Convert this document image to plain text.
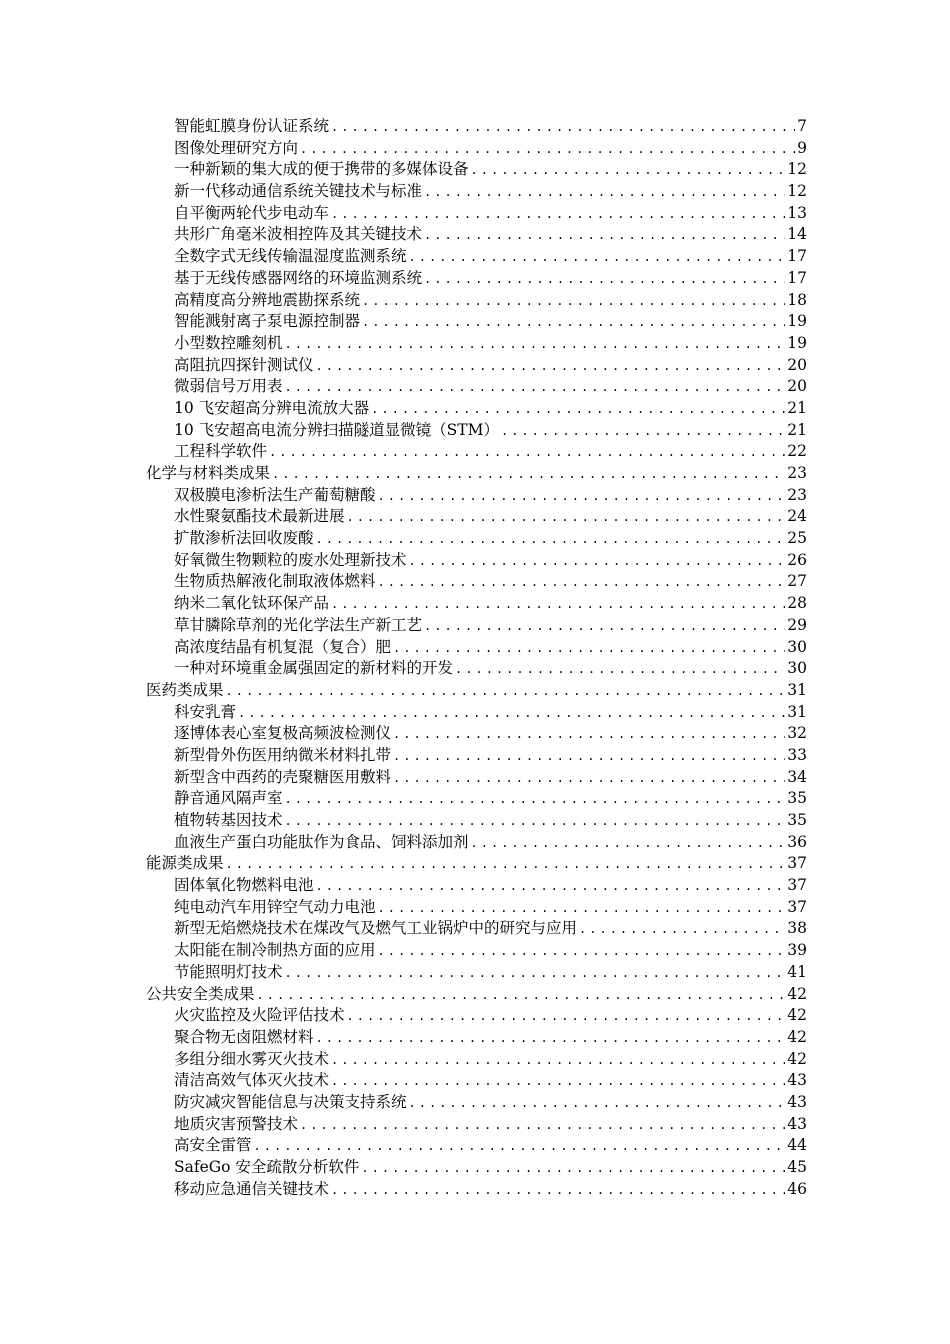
智能虹膜身份认证系统 .....	7
图像处理研究方向 .....	9
一种新颖的集大成的便于携带的多媒体设备 .....	12
新一代移动通信系统关键技术与标准 .....	12
自平衡两轮代步电动车 .....	13
共形广角毫米波相控阵及其关键技术 .....	14
全数字式无线传输温湿度监测系统 .....	17
基于无线传感器网络的环境监测系统 .....	17
高精度高分辨地震勘探系统 .....	18
智能溅射离子泵电源控制器 .....	19
小型数控雕刻机 .....	19
高阻抗四探针测试仪 .....	20
微弱信号万用表 .....	20
10 飞安超高分辨电流放大器 .....	21
10 飞安超高电流分辨扫描隧道显微镜（STM） .....	21
工程科学软件 .....	22
化学与材料类成果 .....	23
双极膜电渗析法生产葡萄糖酸 .....	23
水性聚氨酯技术最新进展 .....	24
扩散渗析法回收废酸 .....	25
好氧微生物颗粒的废水处理新技术 .....	26
生物质热解液化制取液体燃料 .....	27
纳米二氧化钛环保产品 .....	28
草甘膦除草剂的光化学法生产新工艺 .....	29
高浓度结晶有机复混（复合）肥 .....	30
一种对环境重金属强固定的新材料的开发 .....	30
医药类成果 .....	31
科安乳膏 .....	31
逐博体表心室复极高频波检测仪 .....	32
新型骨外伤医用纳微米材料扎带 .....	33
新型含中西药的壳聚糖医用敷料 .....	34
静音通风隔声室 .....	35
植物转基因技术 .....	35
血液生产蛋白功能肽作为食品、饲料添加剂 .....	36
能源类成果 .....	37
固体氧化物燃料电池 .....	37
纯电动汽车用锌空气动力电池 .....	37
新型无焰燃烧技术在煤改气及燃气工业锅炉中的研究与应用 .....	38
太阳能在制冷制热方面的应用 .....	39
节能照明灯技术 .....	41
公共安全类成果 .....	42
火灾监控及火险评估技术 .....	42
聚合物无卤阻燃材料 .....	42
多组分细水雾灭火技术 .....	42
清洁高效气体灭火技术 .....	43
防灾减灾智能信息与决策支持系统 .....	43
地质灾害预警技术 .....	43
高安全雷管 .....	44
SafeGo 安全疏散分析软件 .....	45
移动应急通信关键技术 .....	46
